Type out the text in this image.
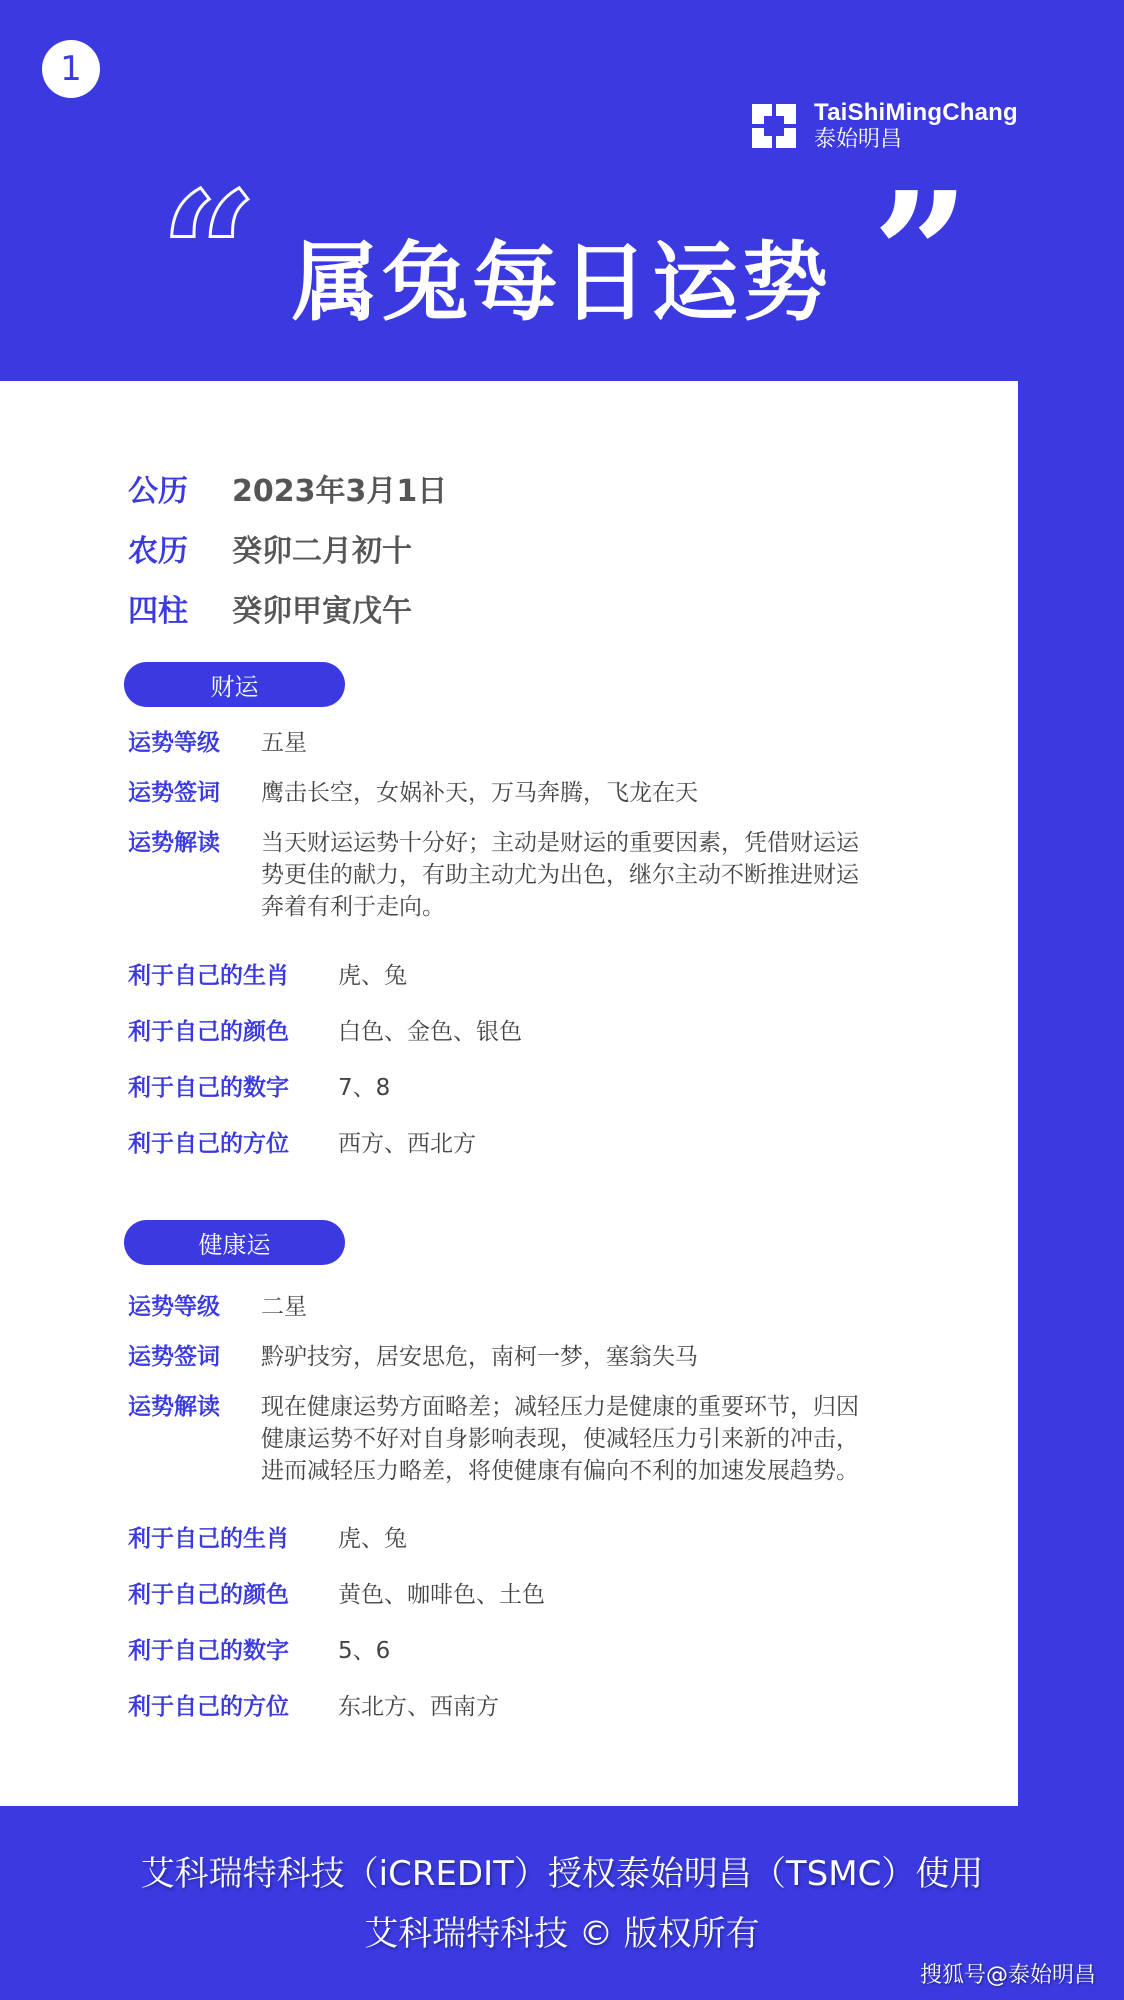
1
TaiShiMingChang
泰始明昌
“ 属兔每日运势 ”
公历	2023年3月1日
农历	癸卯二月初十
四柱	癸卯甲寅戊午
财运
运势等级	五星
运势签词	鹰击长空，女娲补天，万马奔腾，飞龙在天
运势解读	当天财运运势十分好；主动是财运的重要因素，凭借财运运势更佳的献力，有助主动尤为出色，继尔主动不断推进财运奔着有利于走向。
利于自己的生肖	虎、兔
利于自己的颜色	白色、金色、银色
利于自己的数字	7、8
利于自己的方位	西方、西北方
健康运
运势等级	二星
运势签词	黔驴技穷，居安思危，南柯一梦，塞翁失马
运势解读	现在健康运势方面略差；减轻压力是健康的重要环节，归因健康运势不好对自身影响表现，使减轻压力引来新的冲击，进而减轻压力略差，将使健康有偏向不利的加速发展趋势。
利于自己的生肖	虎、兔
利于自己的颜色	黄色、咖啡色、土色
利于自己的数字	5、6
利于自己的方位	东北方、西南方
艾科瑞特科技（iCREDIT）授权泰始明昌（TSMC）使用
艾科瑞特科技 © 版权所有
搜狐号@泰始明昌
